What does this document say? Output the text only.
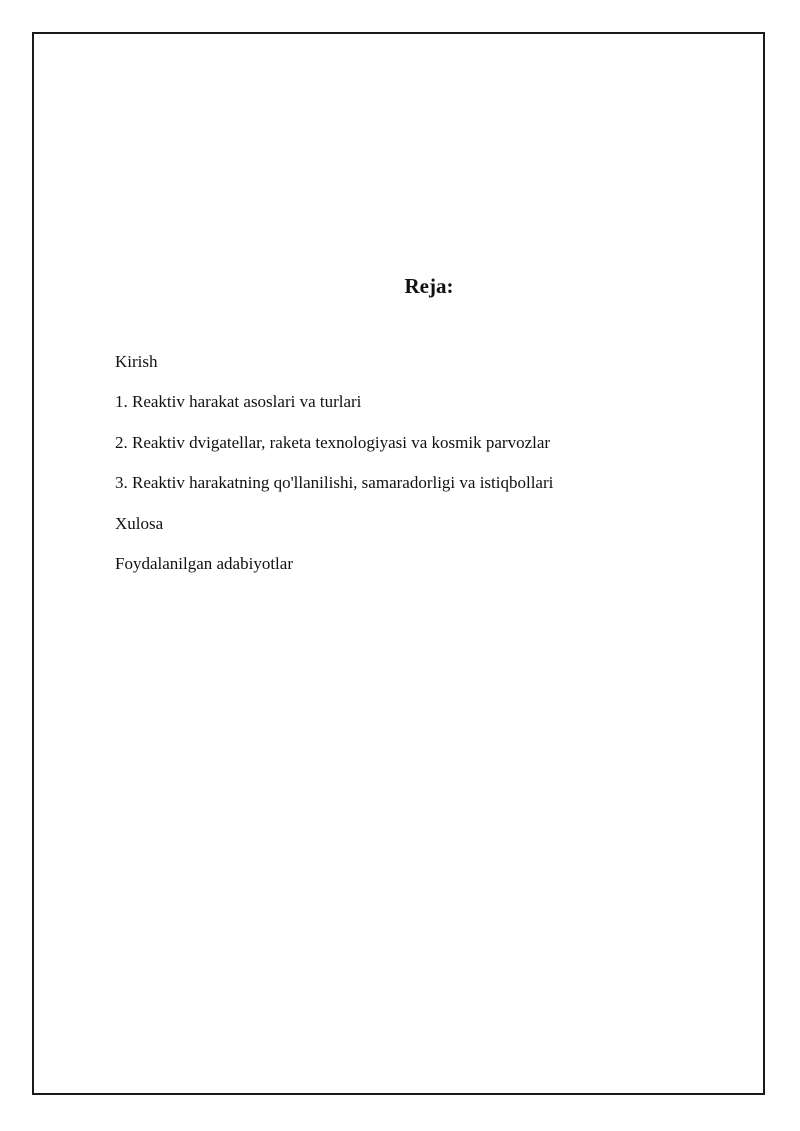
Reja:
Kirish
1. Reaktiv harakat asoslari va turlari
2. Reaktiv dvigatellar, raketa texnologiyasi va kosmik parvozlar
3. Reaktiv harakatning qo'llanilishi, samaradorligi va istiqbollari
Xulosa
Foydalanilgan adabiyotlar
